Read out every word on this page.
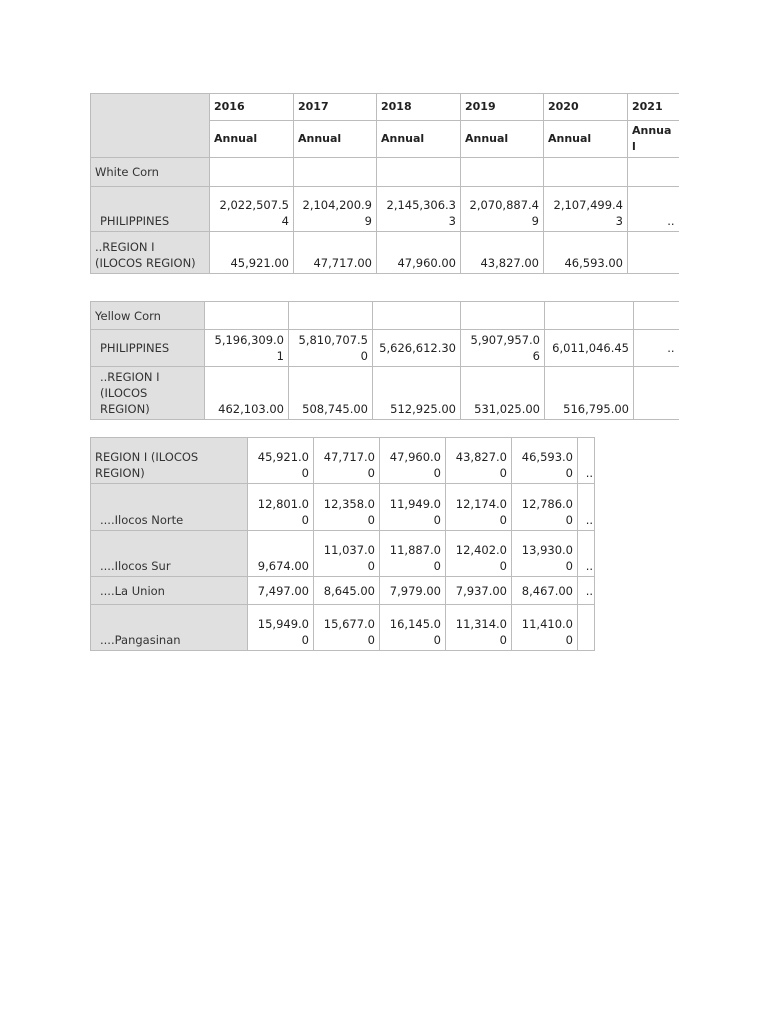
	2016	2017	2018	2019	2020	2021
	Annual	Annual	Annual	Annual	Annual	Annual
White Corn						
PHILIPPINES	2,022,507.54	2,104,200.99	2,145,306.33	2,070,887.49	2,107,499.43	..
..REGION I (ILOCOS REGION)	45,921.00	47,717.00	47,960.00	43,827.00	46,593.00	
Yellow Corn						
PHILIPPINES	5,196,309.01	5,810,707.50	5,626,612.30	5,907,957.06	6,011,046.45	..
..REGION I (ILOCOS REGION)	462,103.00	508,745.00	512,925.00	531,025.00	516,795.00	
REGION I (ILOCOS REGION)	45,921.00	47,717.00	47,960.00	43,827.00	46,593.00	..
....Ilocos Norte	12,801.00	12,358.00	11,949.00	12,174.00	12,786.00	..
....Ilocos Sur	9,674.00	11,037.00	11,887.00	12,402.00	13,930.00	..
....La Union	7,497.00	8,645.00	7,979.00	7,937.00	8,467.00	..
....Pangasinan	15,949.00	15,677.00	16,145.00	11,314.00	11,410.00	
